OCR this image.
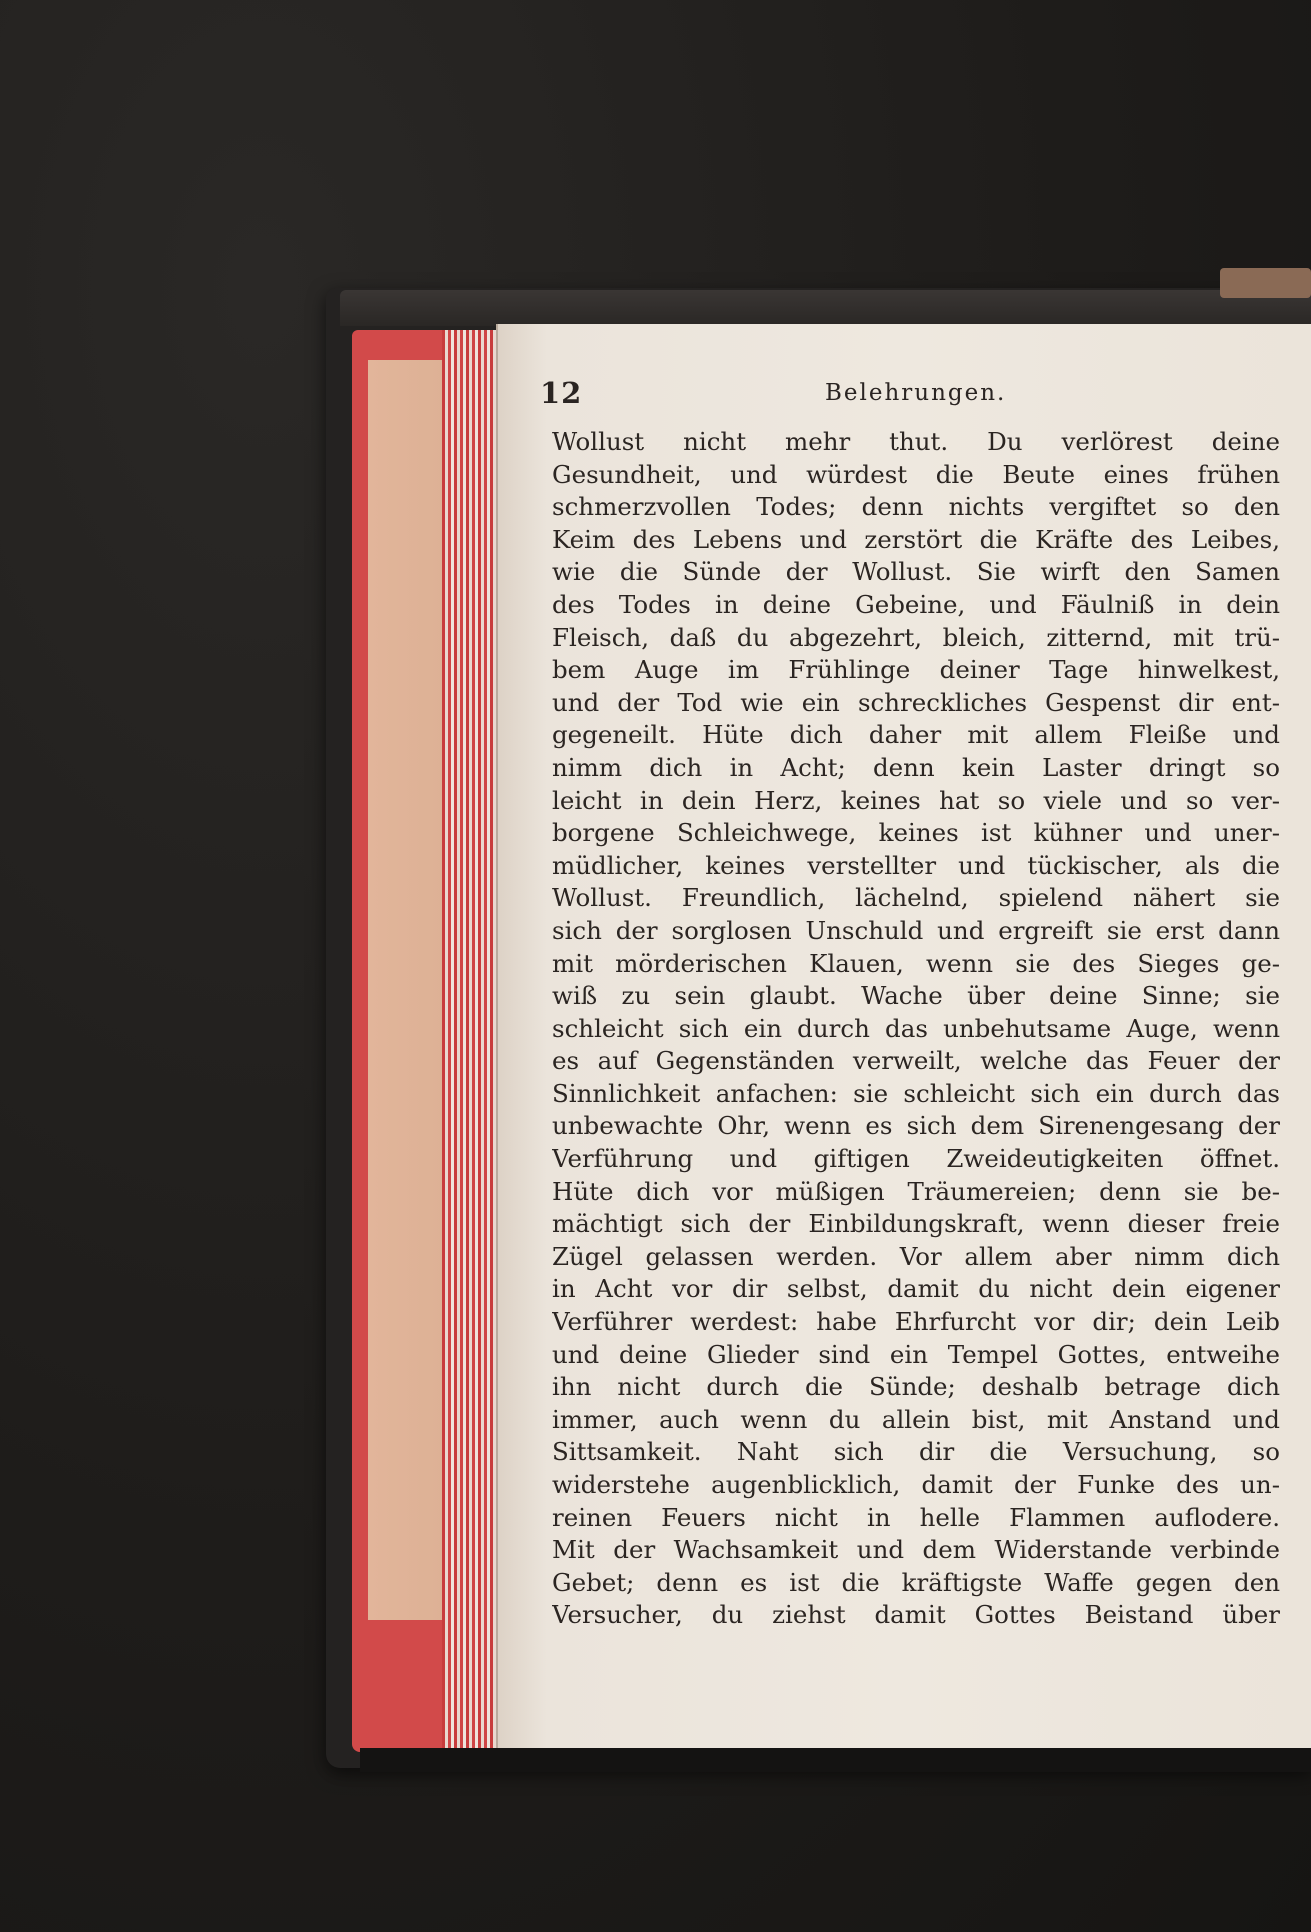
12	Belehrungen.
Wollust nicht mehr thut. Du verlörest deine
Gesundheit, und würdest die Beute eines frühen
schmerzvollen Todes; denn nichts vergiftet so den
Keim des Lebens und zerstört die Kräfte des Leibes,
wie die Sünde der Wollust. Sie wirft den Samen
des Todes in deine Gebeine, und Fäulniß in dein
Fleisch, daß du abgezehrt, bleich, zitternd, mit trü-
bem Auge im Frühlinge deiner Tage hinwelkest,
und der Tod wie ein schreckliches Gespenst dir ent-
gegeneilt. Hüte dich daher mit allem Fleiße und
nimm dich in Acht; denn kein Laster dringt so
leicht in dein Herz, keines hat so viele und so ver-
borgene Schleichwege, keines ist kühner und uner-
müdlicher, keines verstellter und tückischer, als die
Wollust. Freundlich, lächelnd, spielend nähert sie
sich der sorglosen Unschuld und ergreift sie erst dann
mit mörderischen Klauen, wenn sie des Sieges ge-
wiß zu sein glaubt. Wache über deine Sinne; sie
schleicht sich ein durch das unbehutsame Auge, wenn
es auf Gegenständen verweilt, welche das Feuer der
Sinnlichkeit anfachen: sie schleicht sich ein durch das
unbewachte Ohr, wenn es sich dem Sirenengesang der
Verführung und giftigen Zweideutigkeiten öffnet.
Hüte dich vor müßigen Träumereien; denn sie be-
mächtigt sich der Einbildungskraft, wenn dieser freie
Zügel gelassen werden. Vor allem aber nimm dich
in Acht vor dir selbst, damit du nicht dein eigener
Verführer werdest: habe Ehrfurcht vor dir; dein Leib
und deine Glieder sind ein Tempel Gottes, entweihe
ihn nicht durch die Sünde; deshalb betrage dich
immer, auch wenn du allein bist, mit Anstand und
Sittsamkeit. Naht sich dir die Versuchung, so
widerstehe augenblicklich, damit der Funke des un-
reinen Feuers nicht in helle Flammen auflodere.
Mit der Wachsamkeit und dem Widerstande verbinde
Gebet; denn es ist die kräftigste Waffe gegen den
Versucher, du ziehst damit Gottes Beistand über
